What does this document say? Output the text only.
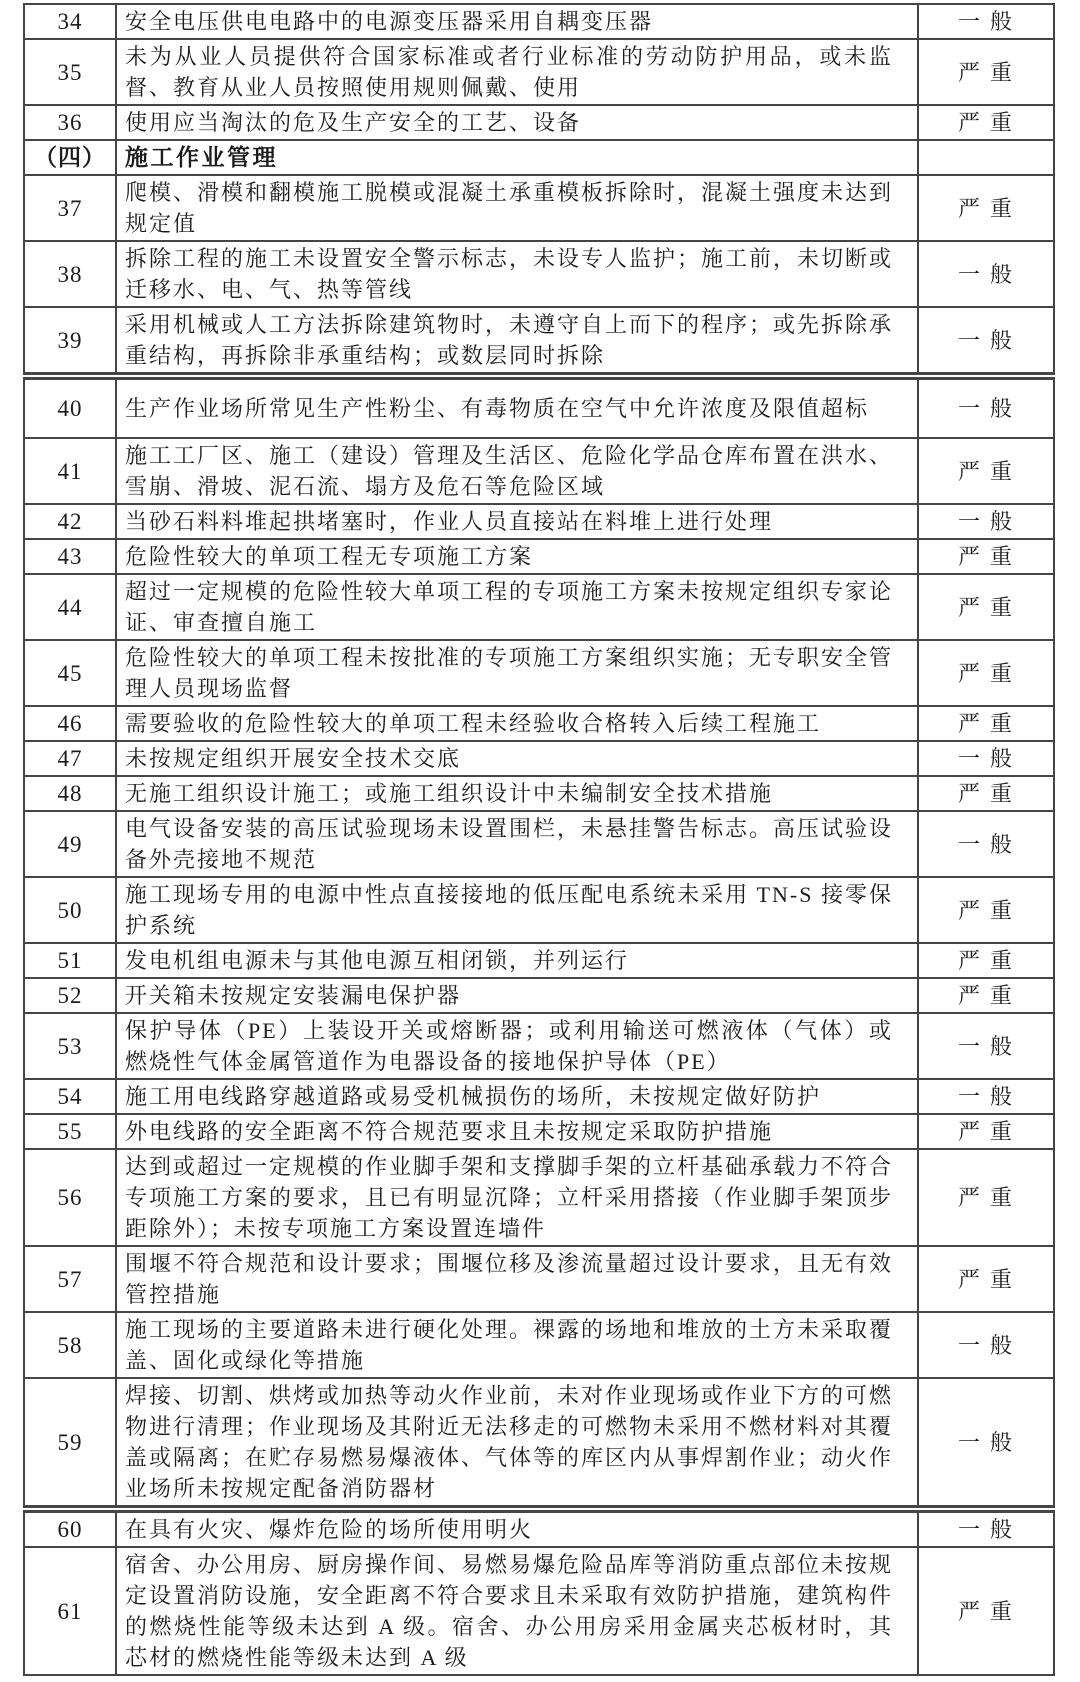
34	安全电压供电电路中的电源变压器采用自耦变压器	一般
35	未为从业人员提供符合国家标准或者行业标准的劳动防护用品，或未监督、教育从业人员按照使用规则佩戴、使用	严重
36	使用应当淘汰的危及生产安全的工艺、设备	严重
（四）	施工作业管理	
37	爬模、滑模和翻模施工脱模或混凝土承重模板拆除时，混凝土强度未达到规定值	严重
38	拆除工程的施工未设置安全警示标志，未设专人监护；施工前，未切断或迁移水、电、气、热等管线	一般
39	采用机械或人工方法拆除建筑物时，未遵守自上而下的程序；或先拆除承重结构，再拆除非承重结构；或数层同时拆除	一般
40	生产作业场所常见生产性粉尘、有毒物质在空气中允许浓度及限值超标	一般
41	施工工厂区、施工（建设）管理及生活区、危险化学品仓库布置在洪水、雪崩、滑坡、泥石流、塌方及危石等危险区域	严重
42	当砂石料料堆起拱堵塞时，作业人员直接站在料堆上进行处理	一般
43	危险性较大的单项工程无专项施工方案	严重
44	超过一定规模的危险性较大单项工程的专项施工方案未按规定组织专家论证、审查擅自施工	严重
45	危险性较大的单项工程未按批准的专项施工方案组织实施；无专职安全管理人员现场监督	严重
46	需要验收的危险性较大的单项工程未经验收合格转入后续工程施工	严重
47	未按规定组织开展安全技术交底	一般
48	无施工组织设计施工；或施工组织设计中未编制安全技术措施	严重
49	电气设备安装的高压试验现场未设置围栏，未悬挂警告标志。高压试验设备外壳接地不规范	一般
50	施工现场专用的电源中性点直接接地的低压配电系统未采用 TN-S 接零保护系统	严重
51	发电机组电源未与其他电源互相闭锁，并列运行	严重
52	开关箱未按规定安装漏电保护器	严重
53	保护导体（PE）上装设开关或熔断器；或利用输送可燃液体（气体）或燃烧性气体金属管道作为电器设备的接地保护导体（PE）	一般
54	施工用电线路穿越道路或易受机械损伤的场所，未按规定做好防护	一般
55	外电线路的安全距离不符合规范要求且未按规定采取防护措施	严重
56	达到或超过一定规模的作业脚手架和支撑脚手架的立杆基础承载力不符合专项施工方案的要求，且已有明显沉降；立杆采用搭接（作业脚手架顶步距除外）；未按专项施工方案设置连墙件	严重
57	围堰不符合规范和设计要求；围堰位移及渗流量超过设计要求，且无有效管控措施	严重
58	施工现场的主要道路未进行硬化处理。裸露的场地和堆放的土方未采取覆盖、固化或绿化等措施	一般
59	焊接、切割、烘烤或加热等动火作业前，未对作业现场或作业下方的可燃物进行清理；作业现场及其附近无法移走的可燃物未采用不燃材料对其覆盖或隔离；在贮存易燃易爆液体、气体等的库区内从事焊割作业；动火作业场所未按规定配备消防器材	一般
60	在具有火灾、爆炸危险的场所使用明火	一般
61	宿舍、办公用房、厨房操作间、易燃易爆危险品库等消防重点部位未按规定设置消防设施，安全距离不符合要求且未采取有效防护措施，建筑构件的燃烧性能等级未达到 A 级。宿舍、办公用房采用金属夹芯板材时，其芯材的燃烧性能等级未达到 A 级	严重
